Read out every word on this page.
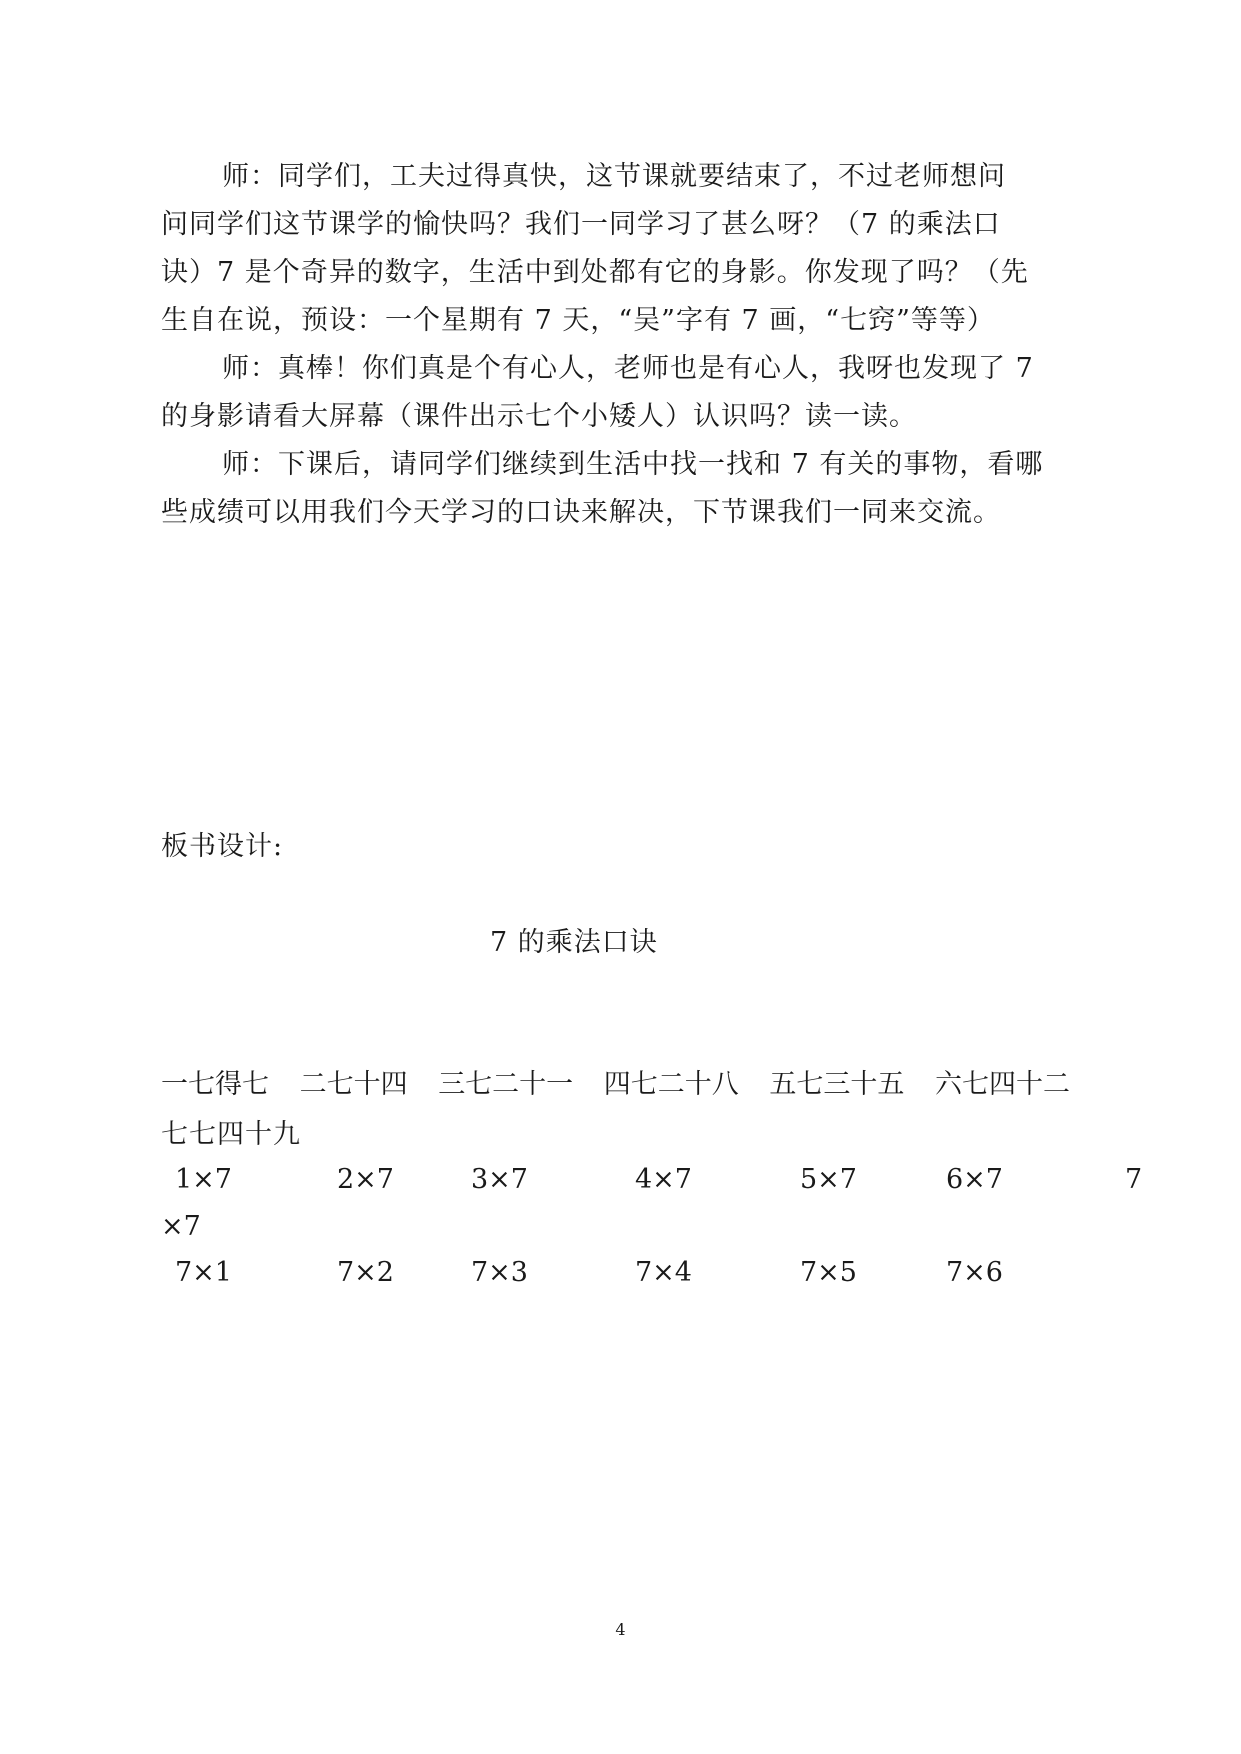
师：同学们，工夫过得真快，这节课就要结束了，不过老师想问
问同学们这节课学的愉快吗？我们一同学习了甚么呀？（7 的乘法口
诀）7 是个奇异的数字，生活中到处都有它的身影。你发现了吗？（先
生自在说，预设：一个星期有 7 天，“吴”字有 7 画，“七窍”等等）
师：真棒！你们真是个有心人，老师也是有心人，我呀也发现了 7
的身影请看大屏幕（课件出示七个小矮人）认识吗？读一读。
师：下课后，请同学们继续到生活中找一找和 7 有关的事物，看哪
些成绩可以用我们今天学习的口诀来解决，下节课我们一同来交流。
板书设计:
7 的乘法口诀
一七得七 二七十四 三七二十一 四七二十八 五七三十五 六七四十二
七七四十九
1×7	2×7	3×7	4×7	5×7	6×7	7
×7
7×1	7×2	7×3	7×4	7×5	7×6
4
